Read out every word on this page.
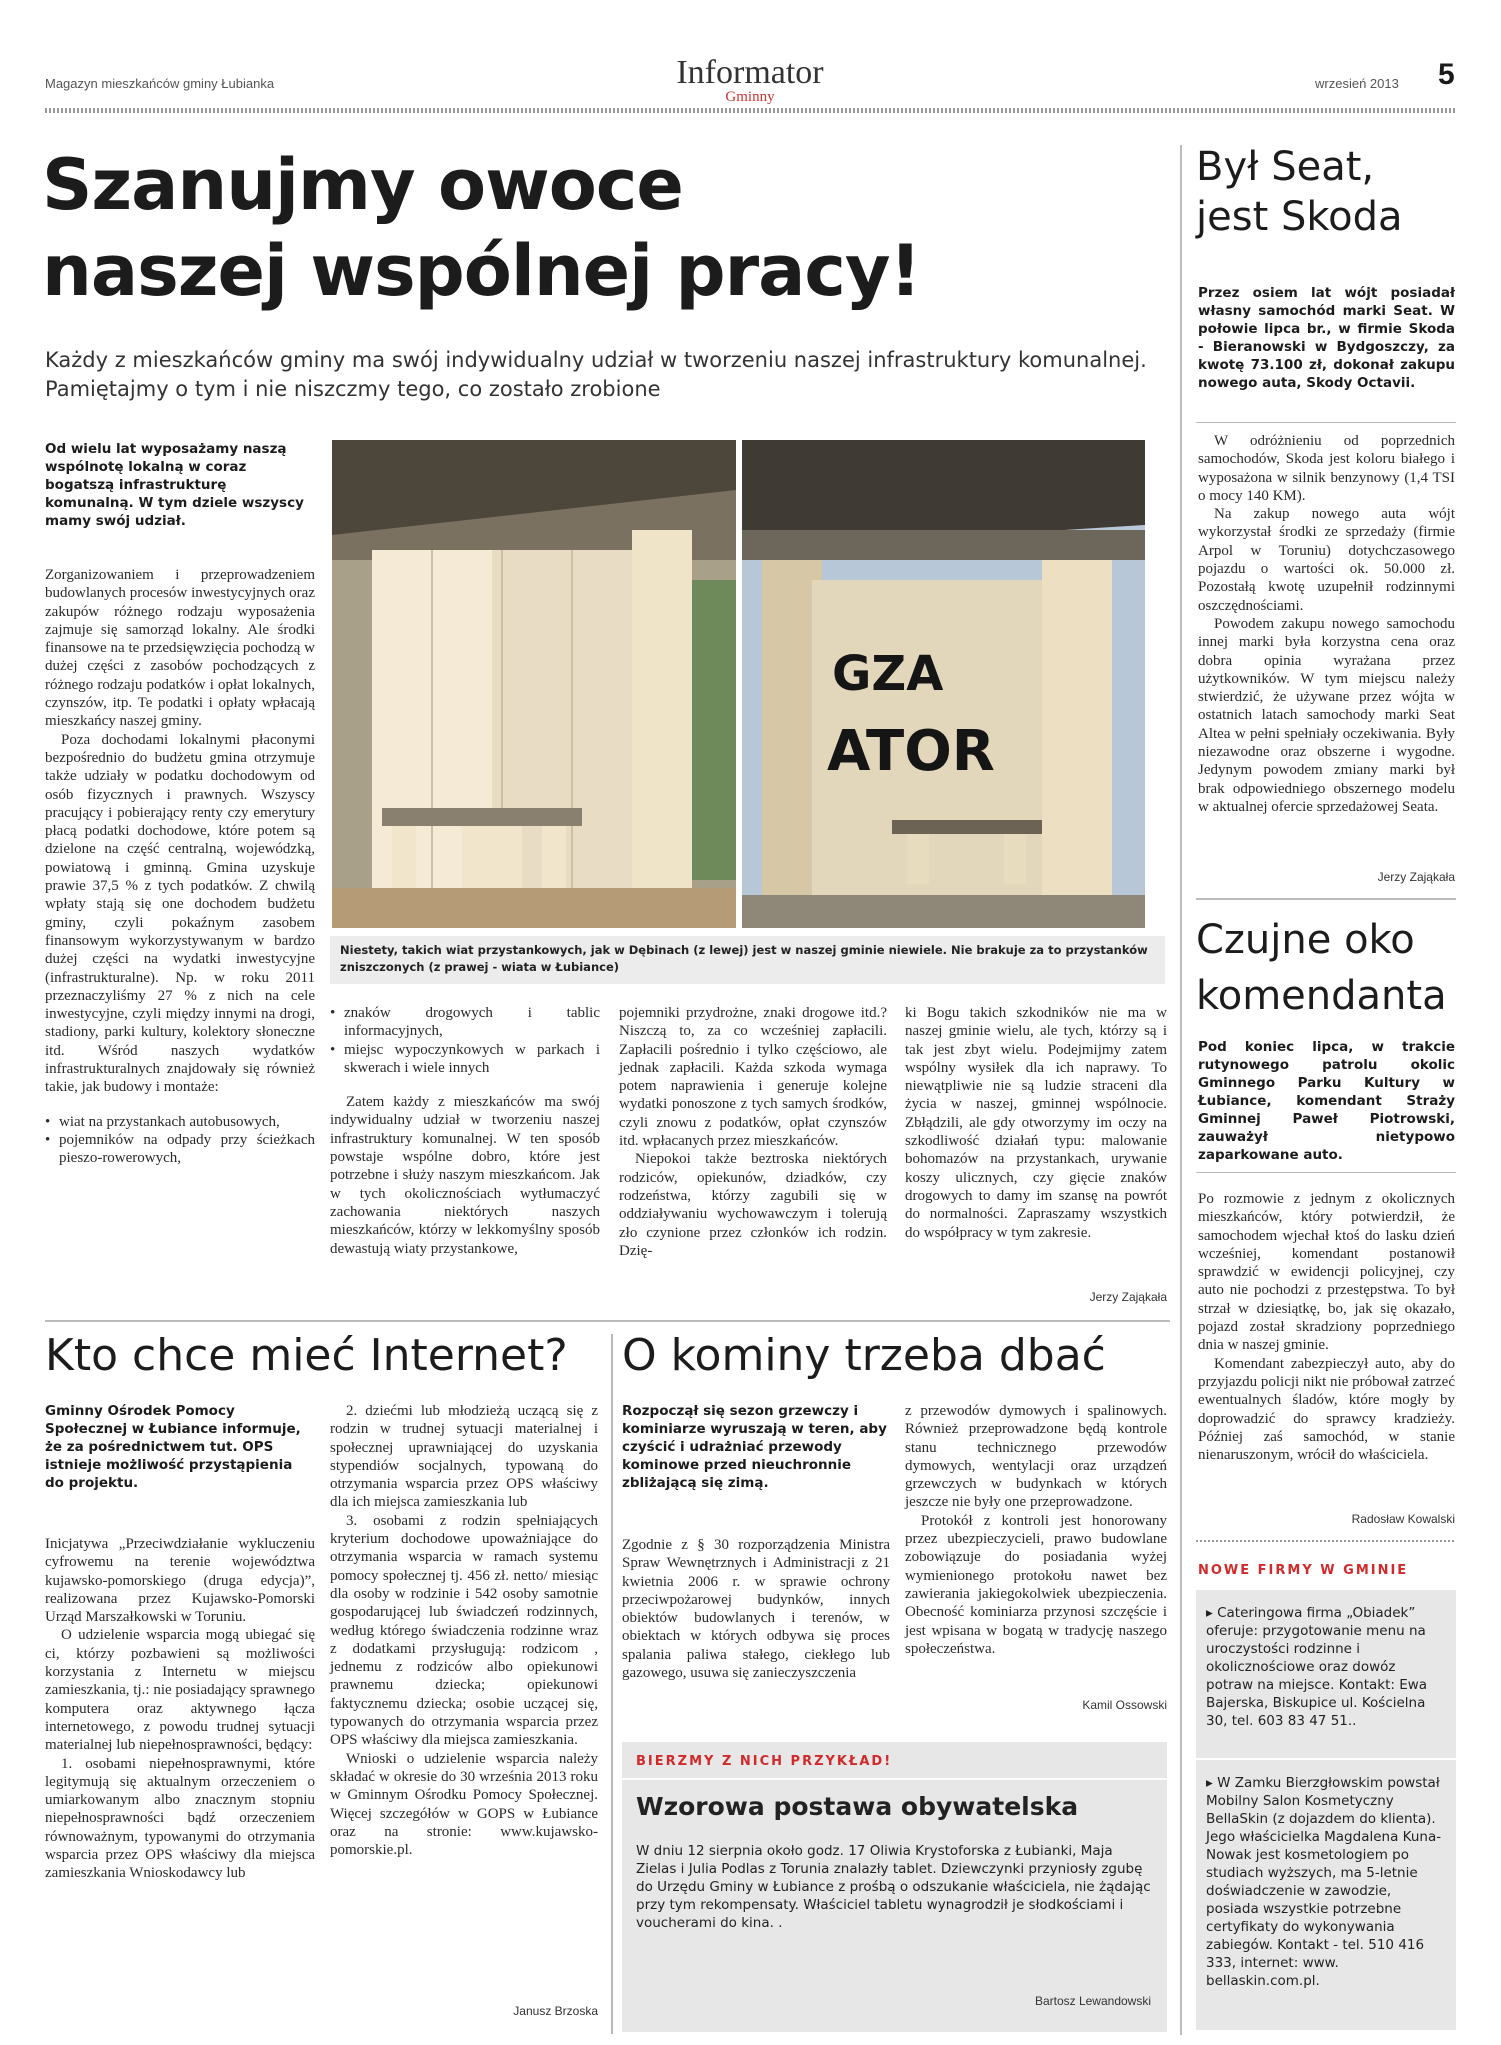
Magazyn mieszkańców gminy Łubianka	Informator
Gminny
wrzesień 2013 5
Szanujmy owoce
naszej wspólnej pracy!
Każdy z mieszkańców gminy ma swój indywidualny udział w tworzeniu naszej infrastruktury komunalnej. Pamiętajmy o tym i nie niszczmy tego, co zostało zrobione
Od wielu lat wyposażamy naszą wspólnotę lokalną w coraz bogatszą infrastrukturę komunalną. W tym dziele wszyscy mamy swój udział.

Zorganizowaniem i przeprowadzeniem budowlanych procesów inwestycyjnych oraz zakupów różnego rodzaju wyposażenia zajmuje się samorząd lokalny. Ale środki finansowe na te przedsięwzięcia pochodzą w dużej części z zasobów pochodzących z różnego rodzaju podatków i opłat lokalnych, czynszów, itp. Te podatki i opłaty wpłacają mieszkańcy naszej gminy.

Poza dochodami lokalnymi płaconymi bezpośrednio do budżetu gmina otrzymuje także udziały w podatku dochodowym od osób fizycznych i prawnych. Wszyscy pracujący i pobierający renty czy emerytury płacą podatki dochodowe, które potem są dzielone na część centralną, wojewódzką, powiatową i gminną. Gmina uzyskuje prawie 37,5 % z tych podatków. Z chwilą wpłaty stają się one dochodem budżetu gminy, czyli pokaźnym zasobem finansowym wykorzystywanym w bardzo dużej części na wydatki inwestycyjne (infrastrukturalne). Np. w roku 2011 przeznaczyliśmy 27 % z nich na cele inwestycyjne, czyli między innymi na drogi, stadiony, parki kultury, kolektory słoneczne itd. Wśród naszych wydatków infrastrukturalnych znajdowały się również takie, jak budowy i montaże:

• wiat na przystankach autobusowych,
• pojemników na odpady przy ścieżkach pieszo-rowerowych,
GZA
ATOR
Niestety, takich wiat przystankowych, jak w Dębinach (z lewej) jest w naszej gminie niewiele. Nie brakuje za to przystanków zniszczonych (z prawej - wiata w Łubiance)
• znaków drogowych i tablic informacyjnych,
• miejsc wypoczynkowych w parkach i skwerach i wiele innych

Zatem każdy z mieszkańców ma swój indywidualny udział w tworzeniu naszej infrastruktury komunalnej. W ten sposób powstaje wspólne dobro, które jest potrzebne i służy naszym mieszkańcom. Jak w tych okolicznościach wytłumaczyć zachowania niektórych naszych mieszkańców, którzy w lekkomyślny sposób dewastują wiaty przystankowe,

pojemniki przydrożne, znaki drogowe itd.? Niszczą to, za co wcześniej zapłacili. Zapłacili pośrednio i tylko częściowo, ale jednak zapłacili. Każda szkoda wymaga potem naprawienia i generuje kolejne wydatki ponoszone z tych samych środków, czyli znowu z podatków, opłat czynszów itd. wpłacanych przez mieszkańców.

Niepokoi także beztroska niektórych rodziców, opiekunów, dziadków, czy rodzeństwa, którzy zagubili się w oddziaływaniu wychowawczym i tolerują zło czynione przez członków ich rodzin. Dzię-

ki Bogu takich szkodników nie ma w naszej gminie wielu, ale tych, którzy są i tak jest zbyt wielu. Podejmijmy zatem wspólny wysiłek dla ich naprawy. To niewątpliwie nie są ludzie straceni dla życia w naszej, gminnej wspólnocie. Zbłądzili, ale gdy otworzymy im oczy na szkodliwość działań typu: malowanie bohomazów na przystankach, urywanie koszy ulicznych, czy gięcie znaków drogowych to damy im szansę na powrót do normalności. Zapraszamy wszystkich do współpracy w tym zakresie.

Jerzy Zająkała
Kto chce mieć Internet?
Gminny Ośrodek Pomocy Społecznej w Łubiance informuje, że za pośrednictwem tut. OPS istnieje możliwość przystąpienia do projektu.

Inicjatywa „Przeciwdziałanie wykluczeniu cyfrowemu na terenie województwa kujawsko-pomorskiego (druga edycja)”, realizowana przez Kujawsko-Pomorski Urząd Marszałkowski w Toruniu.

O udzielenie wsparcia mogą ubiegać się ci, którzy pozbawieni są możliwości korzystania z Internetu w miejscu zamieszkania, tj.: nie posiadający sprawnego komputera oraz aktywnego łącza internetowego, z powodu trudnej sytuacji materialnej lub niepełnosprawności, będący:

1. osobami niepełnosprawnymi, które legitymują się aktualnym orzeczeniem o umiarkowanym albo znacznym stopniu niepełnosprawności bądź orzeczeniem równoważnym, typowanymi do otrzymania wsparcia przez OPS właściwy dla miejsca zamieszkania Wnioskodawcy lub

2. dziećmi lub młodzieżą uczącą się z rodzin w trudnej sytuacji materialnej i społecznej uprawniającej do uzyskania stypendiów socjalnych, typowaną do otrzymania wsparcia przez OPS właściwy dla ich miejsca zamieszkania lub

3. osobami z rodzin spełniających kryterium dochodowe upoważniające do otrzymania wsparcia w ramach systemu pomocy społecznej tj. 456 zł. netto/ miesiąc dla osoby w rodzinie i 542 osoby samotnie gospodarującej lub świadczeń rodzinnych, według którego świadczenia rodzinne wraz z dodatkami przysługują: rodzicom , jednemu z rodziców albo opiekunowi prawnemu dziecka; opiekunowi faktycznemu dziecka; osobie uczącej się, typowanych do otrzymania wsparcia przez OPS właściwy dla miejsca zamieszkania.

Wnioski o udzielenie wsparcia należy składać w okresie do 30 września 2013 roku w Gminnym Ośrodku Pomocy Społecznej. Więcej szczegółów w GOPS w Łubiance oraz na stronie: www.kujawsko-pomorskie.pl.

Janusz Brzoska
O kominy trzeba dbać
Rozpoczął się sezon grzewczy i kominiarze wyruszają w teren, aby czyścić i udrażniać przewody kominowe przed nieuchronnie zbliżającą się zimą.

Zgodnie z § 30 rozporządzenia Ministra Spraw Wewnętrznych i Administracji z 21 kwietnia 2006 r. w sprawie ochrony przeciwpożarowej budynków, innych obiektów budowlanych i terenów, w obiektach w których odbywa się proces spalania paliwa stałego, ciekłego lub gazowego, usuwa się zanieczyszczenia

z przewodów dymowych i spalinowych. Również przeprowadzone będą kontrole stanu technicznego przewodów dymowych, wentylacji oraz urządzeń grzewczych w budynkach w których jeszcze nie były one przeprowadzone.

Protokół z kontroli jest honorowany przez ubezpieczycieli, prawo budowlane zobowiązuje do posiadania wyżej wymienionego protokołu nawet bez zawierania jakiegokolwiek ubezpieczenia. Obecność kominiarza przynosi szczęście i jest wpisana w bogatą w tradycję naszego społeczeństwa.

Kamil Ossowski
BIERZMY Z NICH PRZYKŁAD!
Wzorowa postawa obywatelska
W dniu 12 sierpnia około godz. 17 Oliwia Krystoforska z Łubianki, Maja Zielas i Julia Podlas z Torunia znalazły tablet. Dziewczynki przyniosły zgubę do Urzędu Gminy w Łubiance z prośbą o odszukanie właściciela, nie żądając przy tym rekompensaty. Właściciel tabletu wynagrodził je słodkościami i voucherami do kina. .
Bartosz Lewandowski
Był Seat,
jest Skoda
Przez osiem lat wójt posiadał własny samochód marki Seat. W połowie lipca br., w firmie Skoda - Bieranowski w Bydgoszczy, za kwotę 73.100 zł, dokonał zakupu nowego auta, Skody Octavii.

W odróżnieniu od poprzednich samochodów, Skoda jest koloru białego i wyposażona w silnik benzynowy (1,4 TSI o mocy 140 KM).

Na zakup nowego auta wójt wykorzystał środki ze sprzedaży (firmie Arpol w Toruniu) dotychczasowego pojazdu o wartości ok. 50.000 zł. Pozostałą kwotę uzupełnił rodzinnymi oszczędnościami.

Powodem zakupu nowego samochodu innej marki była korzystna cena oraz dobra opinia wyrażana przez użytkowników. W tym miejscu należy stwierdzić, że używane przez wójta w ostatnich latach samochody marki Seat Altea w pełni spełniały oczekiwania. Były niezawodne oraz obszerne i wygodne. Jedynym powodem zmiany marki był brak odpowiedniego obszernego modelu w aktualnej ofercie sprzedażowej Seata.

Jerzy Zająkała
Czujne oko
komendanta
Pod koniec lipca, w trakcie rutynowego patrolu okolic Gminnego Parku Kultury w Łubiance, komendant Straży Gminnej Paweł Piotrowski, zauważył nietypowo zaparkowane auto.

Po rozmowie z jednym z okolicznych mieszkańców, który potwierdził, że samochodem wjechał ktoś do lasku dzień wcześniej, komendant postanowił sprawdzić w ewidencji policyjnej, czy auto nie pochodzi z przestępstwa. To był strzał w dziesiątkę, bo, jak się okazało, pojazd został skradziony poprzedniego dnia w naszej gminie.

Komendant zabezpieczył auto, aby do przyjazdu policji nikt nie próbował zatrzeć ewentualnych śladów, które mogły by doprowadzić do sprawcy kradzieży. Później zaś samochód, w stanie nienaruszonym, wrócił do właściciela.

Radosław Kowalski
NOWE FIRMY W GMINIE
▸ Cateringowa firma „Obiadek” oferuje: przygotowanie menu na uroczystości rodzinne i okolicznościowe oraz dowóz potraw na miejsce. Kontakt: Ewa Bajerska, Biskupice ul. Kościelna 30, tel. 603 83 47 51..
▸ W Zamku Bierzgłowskim powstał Mobilny Salon Kosmetyczny BellaSkin (z dojazdem do klienta). Jego właścicielka Magdalena Kuna-Nowak jest kosmetologiem po studiach wyższych, ma 5-letnie doświadczenie w zawodzie, posiada wszystkie potrzebne certyfikaty do wykonywania zabiegów. Kontakt - tel. 510 416 333, internet: www. bellaskin.com.pl.
